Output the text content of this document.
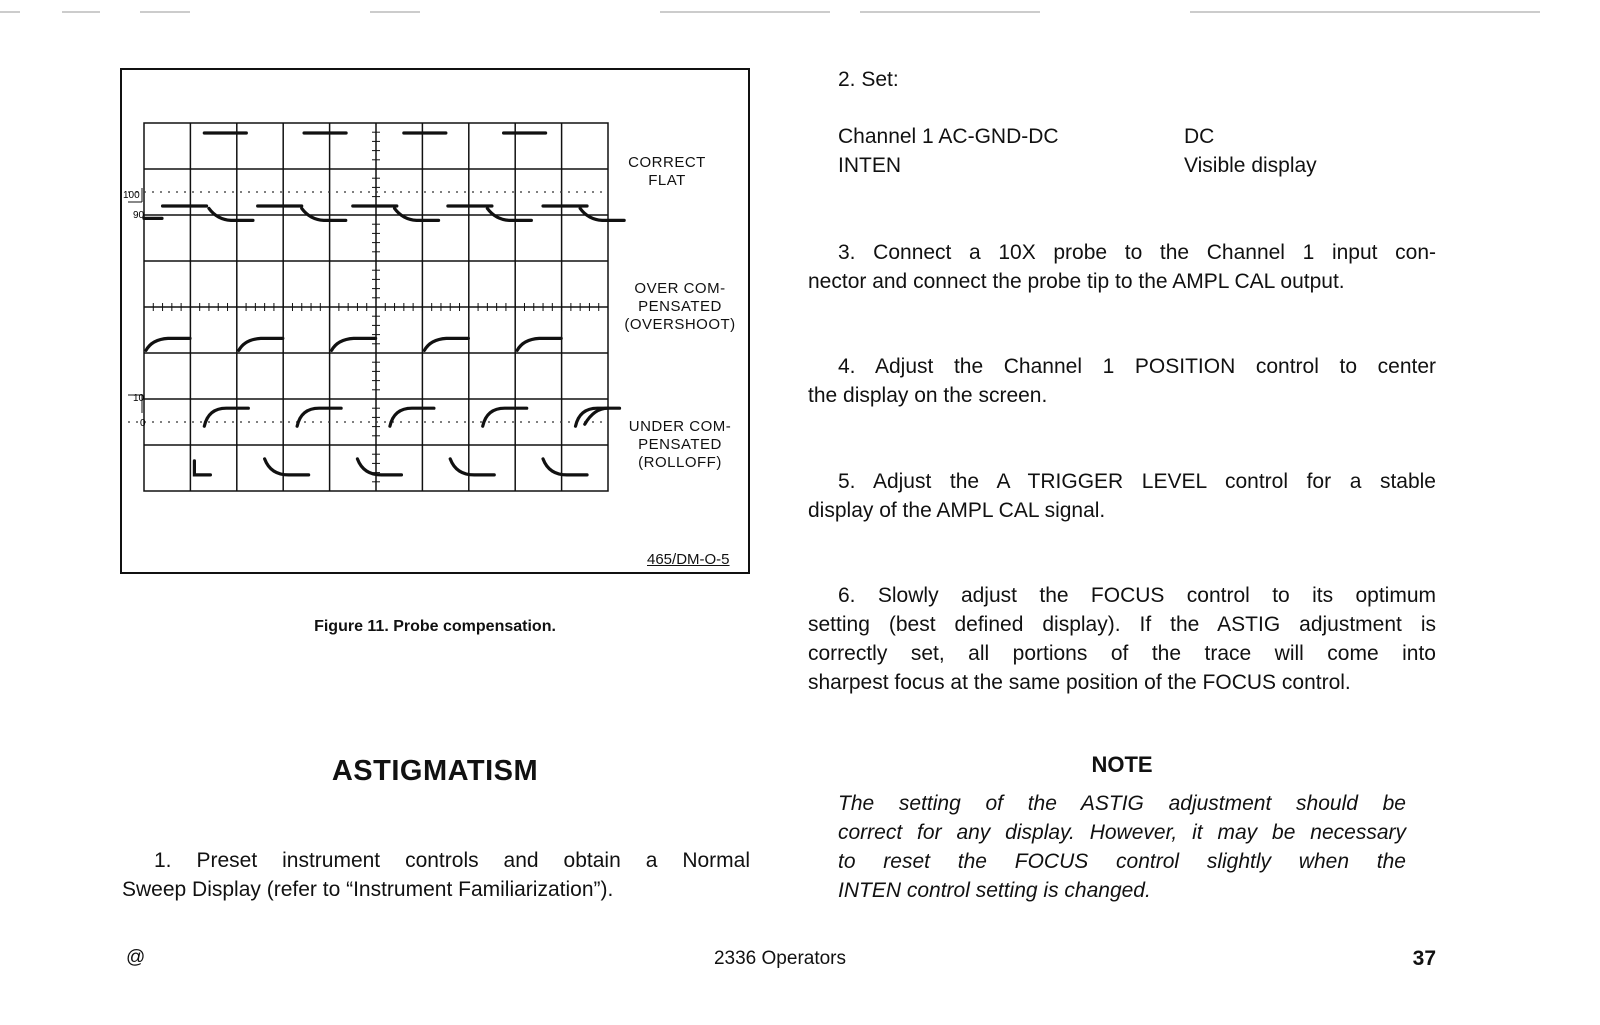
100
90
10
0
CORRECT
FLAT
OVER COM-
PENSATED
(OVERSHOOT)
UNDER COM-
PENSATED
(ROLLOFF)
465/DM-O-5
Figure 11. Probe compensation.
ASTIGMATISM
1. Preset instrument controls and obtain a Normal
Sweep Display (refer to “Instrument Familiarization”).
2. Set:
Channel 1 AC-GND-DC	DC
INTEN	Visible display
3. Connect a 10X probe to the Channel 1 input con-
nector and connect the probe tip to the AMPL CAL output.
4. Adjust the Channel 1 POSITION control to center
the display on the screen.
5. Adjust the A TRIGGER LEVEL control for a stable
display of the AMPL CAL signal.
6. Slowly adjust the FOCUS control to its optimum
setting (best defined display). If the ASTIG adjustment is
correctly set, all portions of the trace will come into
sharpest focus at the same position of the FOCUS control.
NOTE
The setting of the ASTIG adjustment should be
correct for any display. However, it may be necessary
to reset the FOCUS control slightly when the
INTEN control setting is changed.
@	2336 Operators	37
